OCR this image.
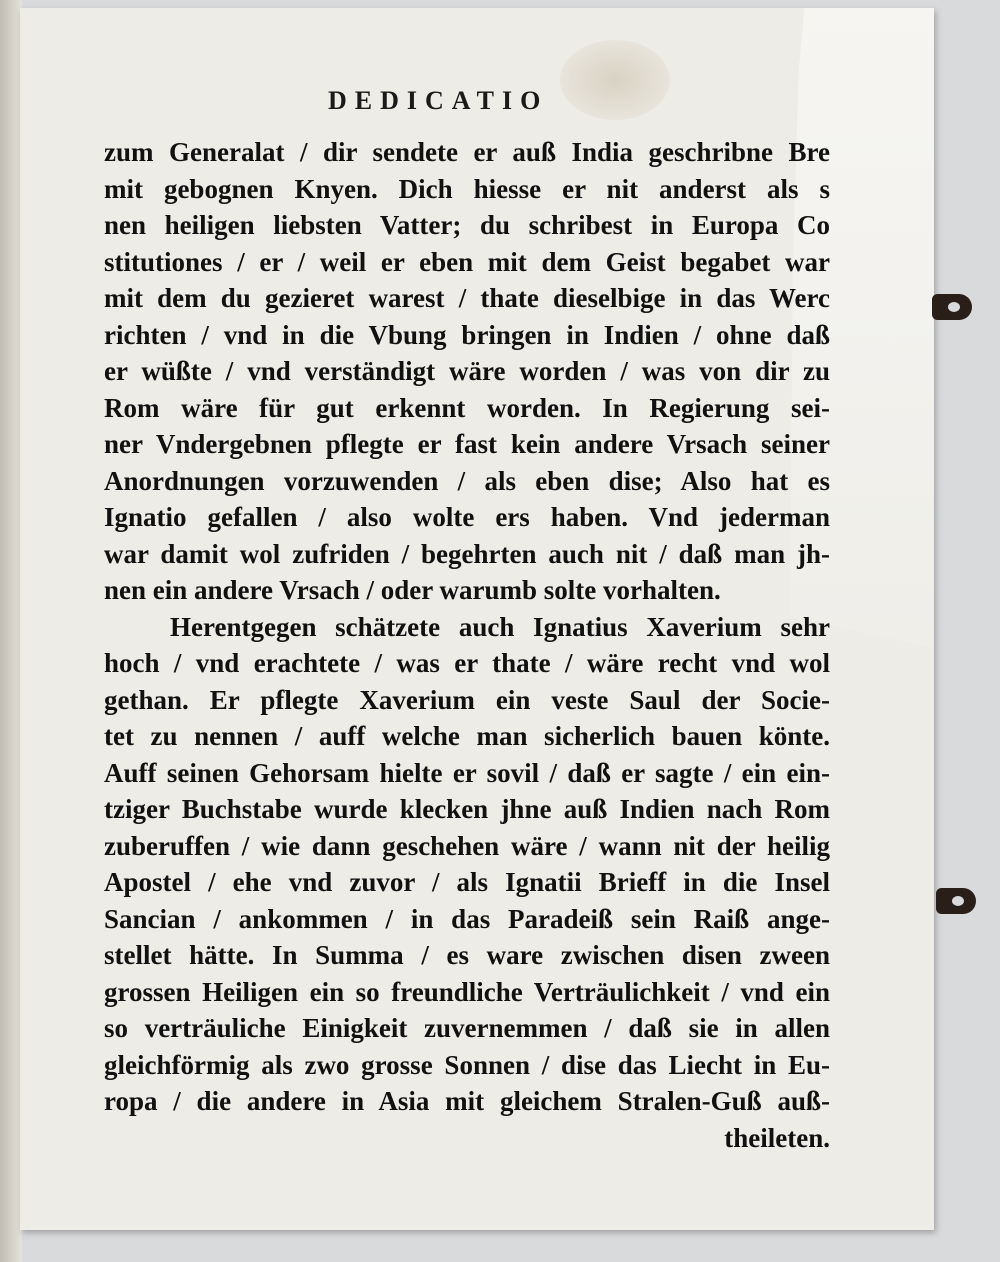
DEDICATIO
zum Generalat / dir sendete er auß India geschribne Bre
mit gebognen Knyen. Dich hiesse er nit anderst als s
nen heiligen liebsten Vatter; du schribest in Europa Co
stitutiones / er / weil er eben mit dem Geist begabet war
mit dem du gezieret warest / thate dieselbige in das Werc
richten / vnd in die Vbung bringen in Indien / ohne daß
er wüßte / vnd verständigt wäre worden / was von dir zu
Rom wäre für gut erkennt worden. In Regierung sei-
ner Vndergebnen pflegte er fast kein andere Vrsach seiner
Anordnungen vorzuwenden / als eben dise; Also hat es
Ignatio gefallen / also wolte ers haben. Vnd jederman
war damit wol zufriden / begehrten auch nit / daß man jh-
nen ein andere Vrsach / oder warumb solte vorhalten.
Herentgegen schätzete auch Ignatius Xaverium sehr
hoch / vnd erachtete / was er thate / wäre recht vnd wol
gethan. Er pflegte Xaverium ein veste Saul der Socie-
tet zu nennen / auff welche man sicherlich bauen könte.
Auff seinen Gehorsam hielte er sovil / daß er sagte / ein ein-
tziger Buchstabe wurde klecken jhne auß Indien nach Rom
zuberuffen / wie dann geschehen wäre / wann nit der heilig
Apostel / ehe vnd zuvor / als Ignatii Brieff in die Insel
Sancian / ankommen / in das Paradeiß sein Raiß ange-
stellet hätte. In Summa / es ware zwischen disen zween
grossen Heiligen ein so freundliche Verträulichkeit / vnd ein
so verträuliche Einigkeit zuvernemmen / daß sie in allen
gleichförmig als zwo grosse Sonnen / dise das Liecht in Eu-
ropa / die andere in Asia mit gleichem Stralen-Guß auß-
theileten.
